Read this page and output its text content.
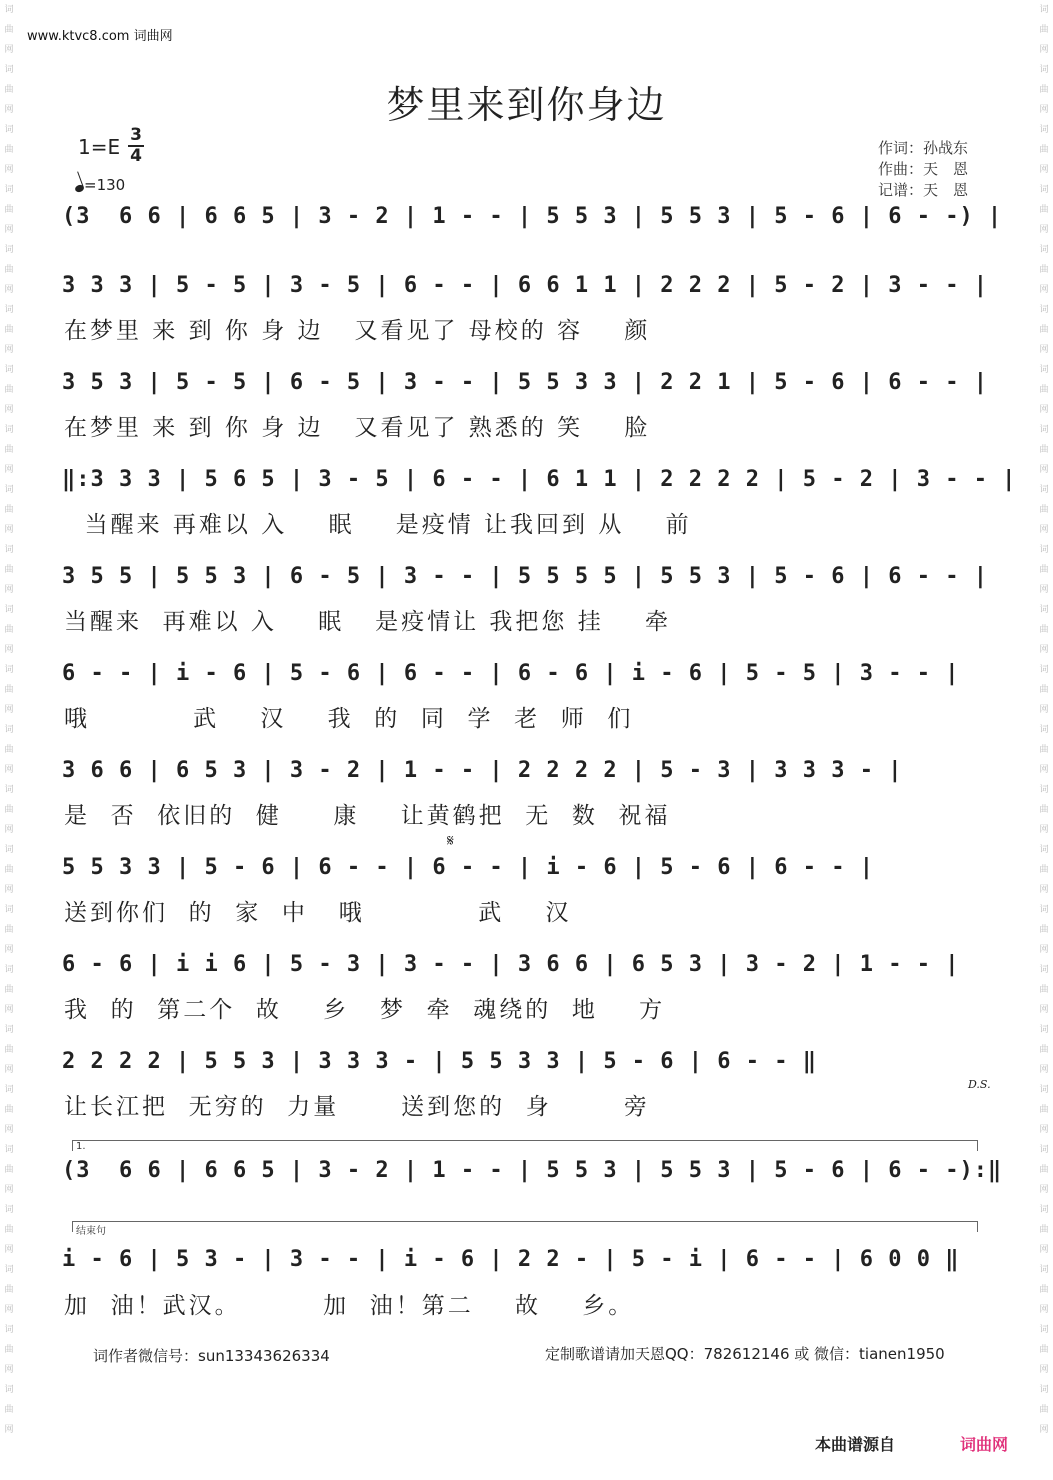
词
曲
网
词
曲
网
词
曲
网
词
曲
网
词
曲
网
词
曲
网
词
曲
网
词
曲
网
词
曲
网
词
曲
网
词
曲
网
词
曲
网
词
曲
网
词
曲
网
词
曲
网
词
曲
网
词
曲
网
词
曲
网
词
曲
网
词
曲
网
词
曲
网
词
曲
网
词
曲
网
词
曲
网
词
曲
网
词
曲
网
词
曲
网
词
曲
网
词
曲
网
词
曲
网
词
曲
网
词
曲
网
词
曲
网
词
曲
网
词
曲
网
词
曲
网
词
曲
网
词
曲
网
词
曲
网
词
曲
网
词
曲
网
词
曲
网
词
曲
网
词
曲
网
词
曲
网
词
曲
网
词
曲
网
词
曲
网
www.ktvc8.com 词曲网
梦里来到你身边
1=E 3
4
=130
作词：孙战东
作曲：天　恩
记谱：天　恩
(3  6 6 | 6 6 5 | 3 - 2 | 1 - - | 5 5 3 | 5 5 3 | 5 - 6 | 6 - -) |
3 3 3 | 5 - 5 | 3 - 5 | 6 - - | 6 6 1 1 | 2 2 2 | 5 - 2 | 3 - - |
在梦里 来 到 你 身 边   又看见了 母校的 容    颜
3 5 3 | 5 - 5 | 6 - 5 | 3 - - | 5 5 3 3 | 2 2 1 | 5 - 6 | 6 - - |
在梦里 来 到 你 身 边   又看见了 熟悉的 笑    脸
‖:3 3 3 | 5 6 5 | 3 - 5 | 6 - - | 6 1 1 | 2 2 2 2 | 5 - 2 | 3 - - |
当醒来 再难以 入    眠    是疫情 让我回到 从    前
3 5 5 | 5 5 3 | 6 - 5 | 3 - - | 5 5 5 5 | 5 5 3 | 5 - 6 | 6 - - |
当醒来  再难以 入    眠   是疫情让 我把您 挂    牵
6 - - | i - 6 | 5 - 6 | 6 - - | 6 - 6 | i - 6 | 5 - 5 | 3 - - |
哦          武    汉    我  的  同  学  老  师  们
3 6 6 | 6 5 3 | 3 - 2 | 1 - - | 2 2 2 2 | 5 - 3 | 3 3 3 - |
是  否  依旧的  健     康    让黄鹤把  无  数  祝福
𝄋
5 5 3 3 | 5 - 6 | 6 - - | 6 - - | i - 6 | 5 - 6 | 6 - - |
送到你们  的  家  中   哦           武    汉
6 - 6 | i i 6 | 5 - 3 | 3 - - | 3 6 6 | 6 5 3 | 3 - 2 | 1 - - |
我  的  第二个  故    乡   梦  牵  魂绕的  地    方
2 2 2 2 | 5 5 3 | 3 3 3 - | 5 5 3 3 | 5 - 6 | 6 - - ‖
让长江把  无穷的  力量      送到您的  身       旁
D.S.
1.
(3  6 6 | 6 6 5 | 3 - 2 | 1 - - | 5 5 3 | 5 5 3 | 5 - 6 | 6 - -):‖
结束句
i - 6 | 5 3 - | 3 - - | i - 6 | 2 2 - | 5 - i | 6 - - | 6 0 0 ‖
加  油！武汉。        加  油！第二    故    乡。
词作者微信号：sun13343626334	定制歌谱请加天恩QQ：782612146 或 微信：tianen1950
本曲谱源自	词曲网
